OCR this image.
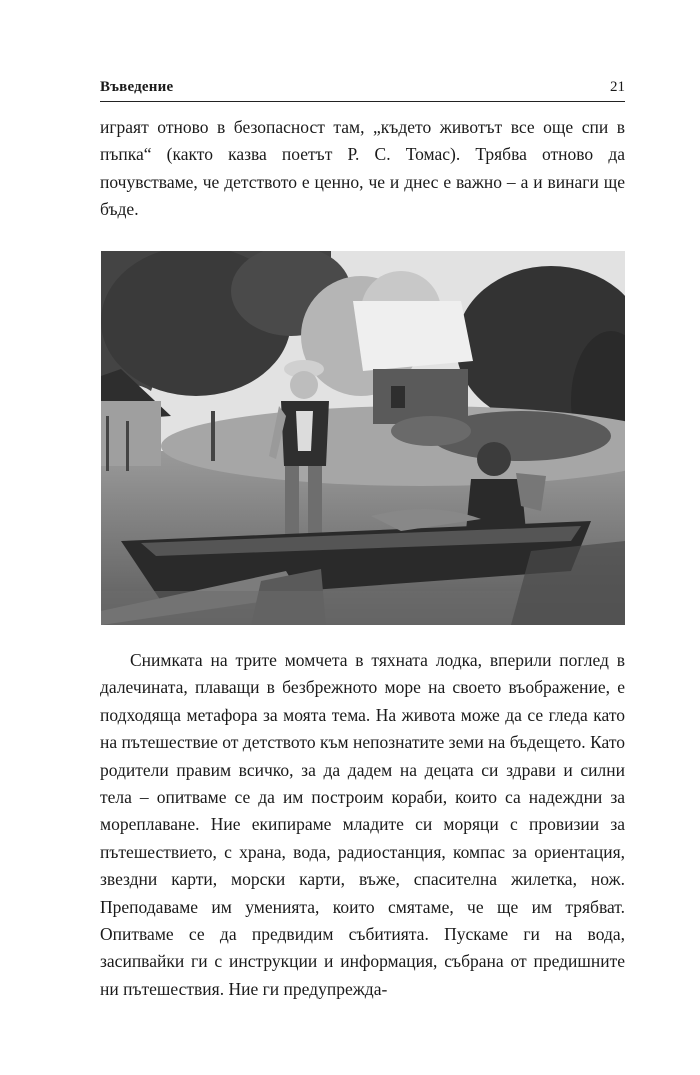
Въведение	21

играят отново в безопасност там, „където животът все още спи в пъпка“ (както казва поетът Р. С. Томас). Трябва отново да почувстваме, че детството е ценно, че и днес е важно – а и винаги ще бъде.

Снимката на трите момчета в тяхната лодка, вперили поглед в далечината, плаващи в безбрежното море на своето въображение, е подходяща метафора за моята тема. На живота може да се гледа като на пътешествие от детството към непознатите земи на бъдещето. Като родители правим всичко, за да дадем на децата си здрави и силни тела – опитваме се да им построим кораби, които са надеждни за мореплаване. Ние екипираме младите си моряци с провизии за пътешествието, с храна, вода, радиостанция, компас за ориентация, звездни карти, морски карти, въже, спасителна жилетка, нож. Преподаваме им уменията, които смятаме, че ще им трябват. Опитваме се да предвидим събитията. Пускаме ги на вода, засипвайки ги с инструкции и информация, събрана от предишните ни пътешествия. Ние ги предупрежда-
